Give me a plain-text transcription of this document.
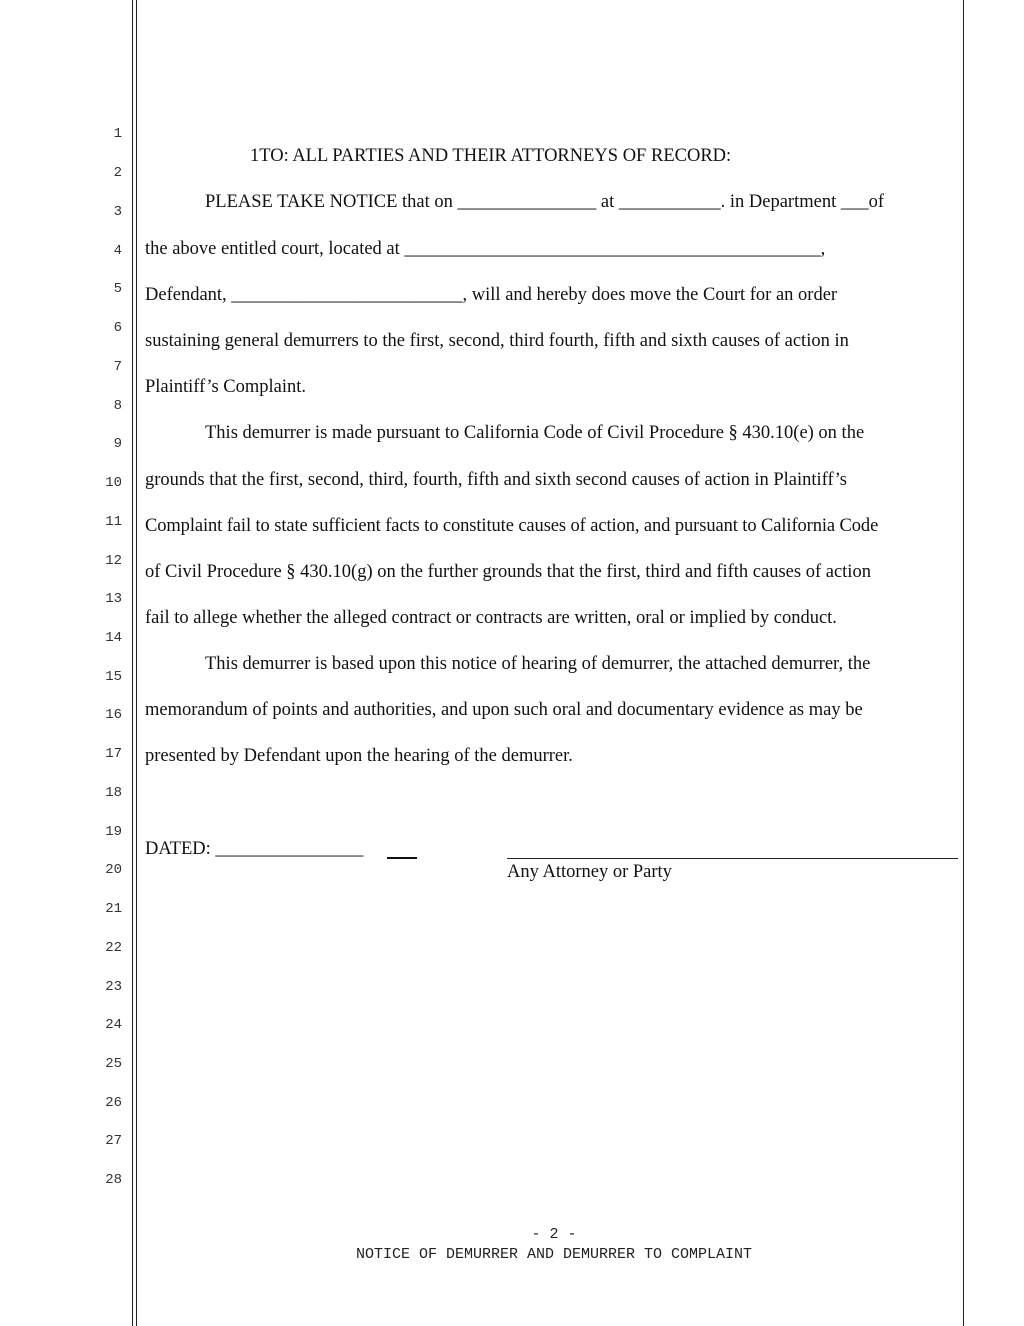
1
2
3
4
5
6
7
8
9
10
11
12
13
14
15
16
17
18
19
20
21
22
23
24
25
26
27
28
1TO: ALL PARTIES AND THEIR ATTORNEYS OF RECORD:
PLEASE TAKE NOTICE that on _______________ at ___________. in Department ___of
the above entitled court, located at _____________________________________________,
Defendant, _________________________, will and hereby does move the Court for an order
sustaining general demurrers to the first, second, third fourth, fifth and sixth causes of action in
Plaintiff’s Complaint.
This demurrer is made pursuant to California Code of Civil Procedure § 430.10(e) on the
grounds that the first, second, third, fourth, fifth and sixth second causes of action in Plaintiff’s
Complaint fail to state sufficient facts to constitute causes of action, and pursuant to California Code
of Civil Procedure § 430.10(g) on the further grounds that the first, third and fifth causes of action
fail to allege whether the alleged contract or contracts are written, oral or implied by conduct.
This demurrer is based upon this notice of hearing of demurrer, the attached demurrer, the
memorandum of points and authorities, and upon such oral and documentary evidence as may be
presented by Defendant upon the hearing of the demurrer.
DATED: ________________
Any Attorney or Party
- 2 -
NOTICE OF DEMURRER AND DEMURRER TO COMPLAINT
